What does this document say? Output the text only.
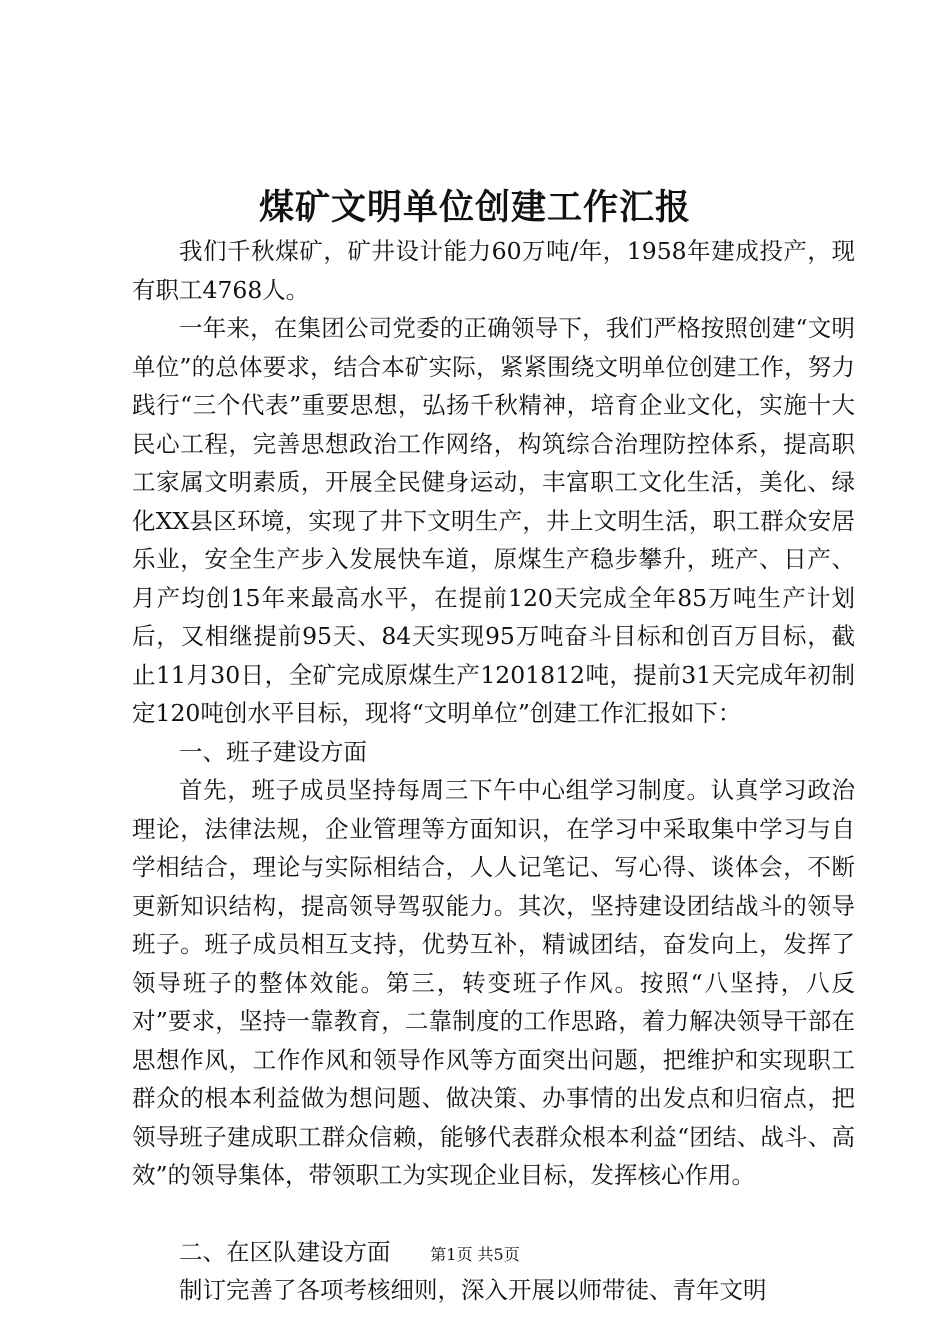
煤矿文明单位创建工作汇报

我们千秋煤矿，矿井设计能力60万吨/年，1958年建成投产，现有职工4768人。

一年来，在集团公司党委的正确领导下，我们严格按照创建“文明单位”的总体要求，结合本矿实际，紧紧围绕文明单位创建工作，努力践行“三个代表”重要思想，弘扬千秋精神，培育企业文化，实施十大民心工程，完善思想政治工作网络，构筑综合治理防控体系，提高职工家属文明素质，开展全民健身运动，丰富职工文化生活，美化、绿化XX县区环境，实现了井下文明生产，井上文明生活，职工群众安居乐业，安全生产步入发展快车道，原煤生产稳步攀升，班产、日产、月产均创15年来最高水平，在提前120天完成全年85万吨生产计划后，又相继提前95天、84天实现95万吨奋斗目标和创百万目标，截止11月30日，全矿完成原煤生产1201812吨，提前31天完成年初制定120吨创水平目标，现将“文明单位”创建工作汇报如下：

一、班子建设方面

首先，班子成员坚持每周三下午中心组学习制度。认真学习政治理论，法律法规，企业管理等方面知识，在学习中采取集中学习与自学相结合，理论与实际相结合，人人记笔记、写心得、谈体会，不断更新知识结构，提高领导驾驭能力。其次，坚持建设团结战斗的领导班子。班子成员相互支持，优势互补，精诚团结，奋发向上，发挥了领导班子的整体效能。第三，转变班子作风。按照“八坚持，八反对”要求，坚持一靠教育，二靠制度的工作思路，着力解决领导干部在思想作风，工作作风和领导作风等方面突出问题，把维护和实现职工群众的根本利益做为想问题、做决策、办事情的出发点和归宿点，把领导班子建成职工群众信赖，能够代表群众根本利益“团结、战斗、高效”的领导集体，带领职工为实现企业目标，发挥核心作用。

二、在区队建设方面

制订完善了各项考核细则，深入开展以师带徒、青年文明

第1页 共5页
